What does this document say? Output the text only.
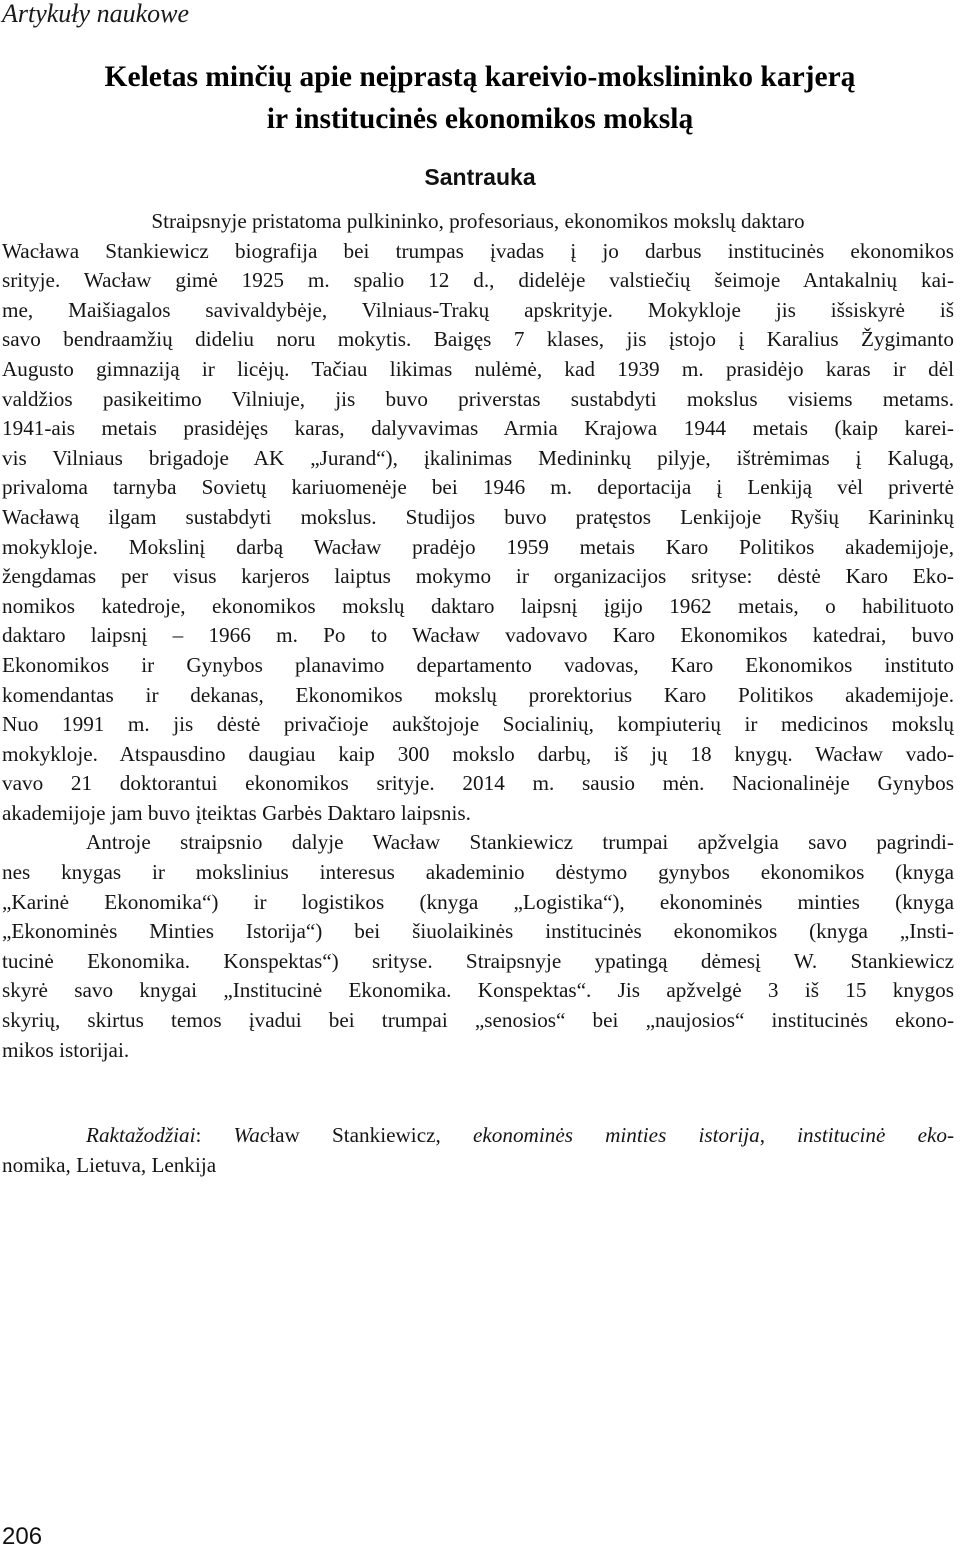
Artykuły naukowe
Keletas minčių apie neįprastą kareivio-mokslininko karjerą
ir institucinės ekonomikos mokslą
Santrauka
Straipsnyje pristatoma pulkininko, profesoriaus, ekonomikos mokslų daktaro
Wacława Stankiewicz biografija bei trumpas įvadas į jo darbus institucinės ekonomikos
srityje. Wacław gimė 1925 m. spalio 12 d., didelėje valstiečių šeimoje Antakalnių kai-
me, Maišiagalos savivaldybėje, Vilniaus-Trakų apskrityje. Mokykloje jis išsiskyrė iš
savo bendraamžių dideliu noru mokytis. Baigęs 7 klases, jis įstojo į Karalius Žygimanto
Augusto gimnaziją ir licėjų. Tačiau likimas nulėmė, kad 1939 m. prasidėjo karas ir dėl
valdžios pasikeitimo Vilniuje, jis buvo priverstas sustabdyti mokslus visiems metams.
1941-ais metais prasidėjęs karas, dalyvavimas Armia Krajowa 1944 metais (kaip karei-
vis Vilniaus brigadoje AK „Jurand“), įkalinimas Medininkų pilyje, ištrėmimas į Kalugą,
privaloma tarnyba Sovietų kariuomenėje bei 1946 m. deportacija į Lenkiją vėl privertė
Wacławą ilgam sustabdyti mokslus. Studijos buvo pratęstos Lenkijoje Ryšių Karininkų
mokykloje. Mokslinį darbą Wacław pradėjo 1959 metais Karo Politikos akademijoje,
žengdamas per visus karjeros laiptus mokymo ir organizacijos srityse: dėstė Karo Eko-
nomikos katedroje, ekonomikos mokslų daktaro laipsnį įgijo 1962 metais, o habilituoto
daktaro laipsnį – 1966 m. Po to Wacław vadovavo Karo Ekonomikos katedrai, buvo
Ekonomikos ir Gynybos planavimo departamento vadovas, Karo Ekonomikos instituto
komendantas ir dekanas, Ekonomikos mokslų prorektorius Karo Politikos akademijoje.
Nuo 1991 m. jis dėstė privačioje aukštojoje Socialinių, kompiuterių ir medicinos mokslų
mokykloje. Atspausdino daugiau kaip 300 mokslo darbų, iš jų 18 knygų. Wacław vado-
vavo 21 doktorantui ekonomikos srityje. 2014 m. sausio mėn. Nacionalinėje Gynybos
akademijoje jam buvo įteiktas Garbės Daktaro laipsnis.
Antroje straipsnio dalyje Wacław Stankiewicz trumpai apžvelgia savo pagrindi-
nes knygas ir mokslinius interesus akademinio dėstymo gynybos ekonomikos (knyga
„Karinė Ekonomika“) ir logistikos (knyga „Logistika“), ekonominės minties (knyga
„Ekonominės Minties Istorija“) bei šiuolaikinės institucinės ekonomikos (knyga „Insti-
tucinė Ekonomika. Konspektas“) srityse. Straipsnyje ypatingą dėmesį W. Stankiewicz
skyrė savo knygai „Institucinė Ekonomika. Konspektas“. Jis apžvelgė 3 iš 15 knygos
skyrių, skirtus temos įvadui bei trumpai „senosios“ bei „naujosios“ institucinės ekono-
mikos istorijai.
Raktažodžiai: Wacław Stankiewicz, ekonominės minties istorija, institucinė eko-
nomika, Lietuva, Lenkija
206
